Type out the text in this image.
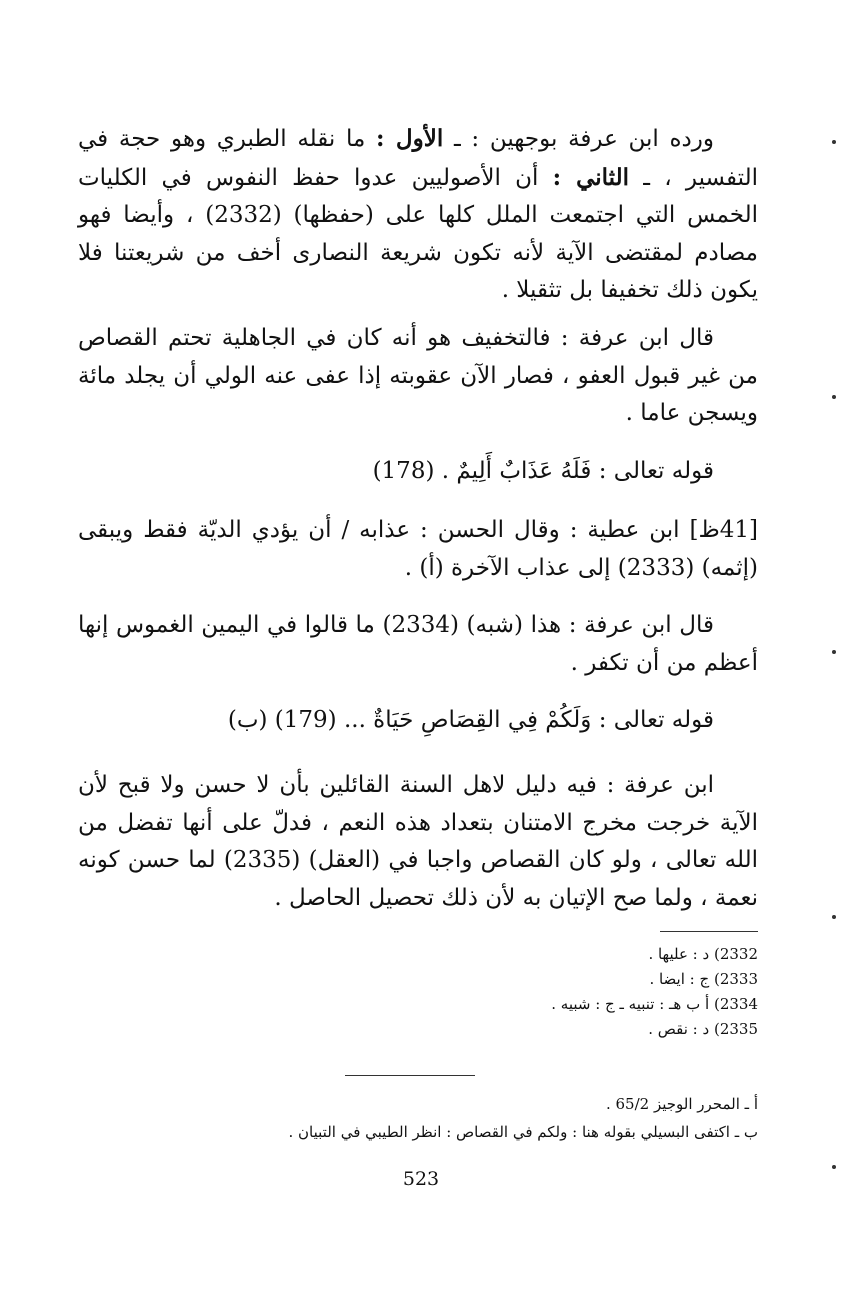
ورده ابن عرفة بوجهين : ـ الأول : ما نقله الطبري وهو حجة في التفسير ، ـ الثاني : أن الأصوليين عدوا حفظ النفوس في الكليات الخمس التي اجتمعت الملل كلها على (حفظها) (2332) ، وأيضا فهو مصادم لمقتضى الآية لأنه تكون شريعة النصارى أخف من شريعتنا فلا يكون ذلك تخفيفا بل تثقيلا .

قال ابن عرفة : فالتخفيف هو أنه كان في الجاهلية تحتم القصاص من غير قبول العفو ، فصار الآن عقوبته إذا عفى عنه الولي أن يجلد مائة ويسجن عاما .

قوله تعالى : فَلَهُ عَذَابٌ أَلِيمٌ . (178)

[41ظ] ابن عطية : وقال الحسن : عذابه / أن يؤدي الديّة فقط ويبقى (إثمه) (2333) إلى عذاب الآخرة (أ) .

قال ابن عرفة : هذا (شبه) (2334) ما قالوا في اليمين الغموس إنها أعظم من أن تكفر .

قوله تعالى : وَلَكُمْ فِي القِصَاصِ حَيَاةٌ ... (179) (ب)

ابن عرفة : فيه دليل لاهل السنة القائلين بأن لا حسن ولا قبح لأن الآية خرجت مخرج الامتنان بتعداد هذه النعم ، فدلّ على أنها تفضل من الله تعالى ، ولو كان القصاص واجبا في (العقل) (2335) لما حسن كونه نعمة ، ولما صح الإتيان به لأن ذلك تحصيل الحاصل .

2332) د : عليها .
2333) ج : ايضا .
2334) أ ب هـ : تنبيه ـ ج : شبيه .
2335) د : نقص .
أ ـ المحرر الوجيز 65/2 .
ب ـ اكتفى البسيلي بقوله هنا : ولكم في القصاص : انظر الطيبي في التبيان .
523
